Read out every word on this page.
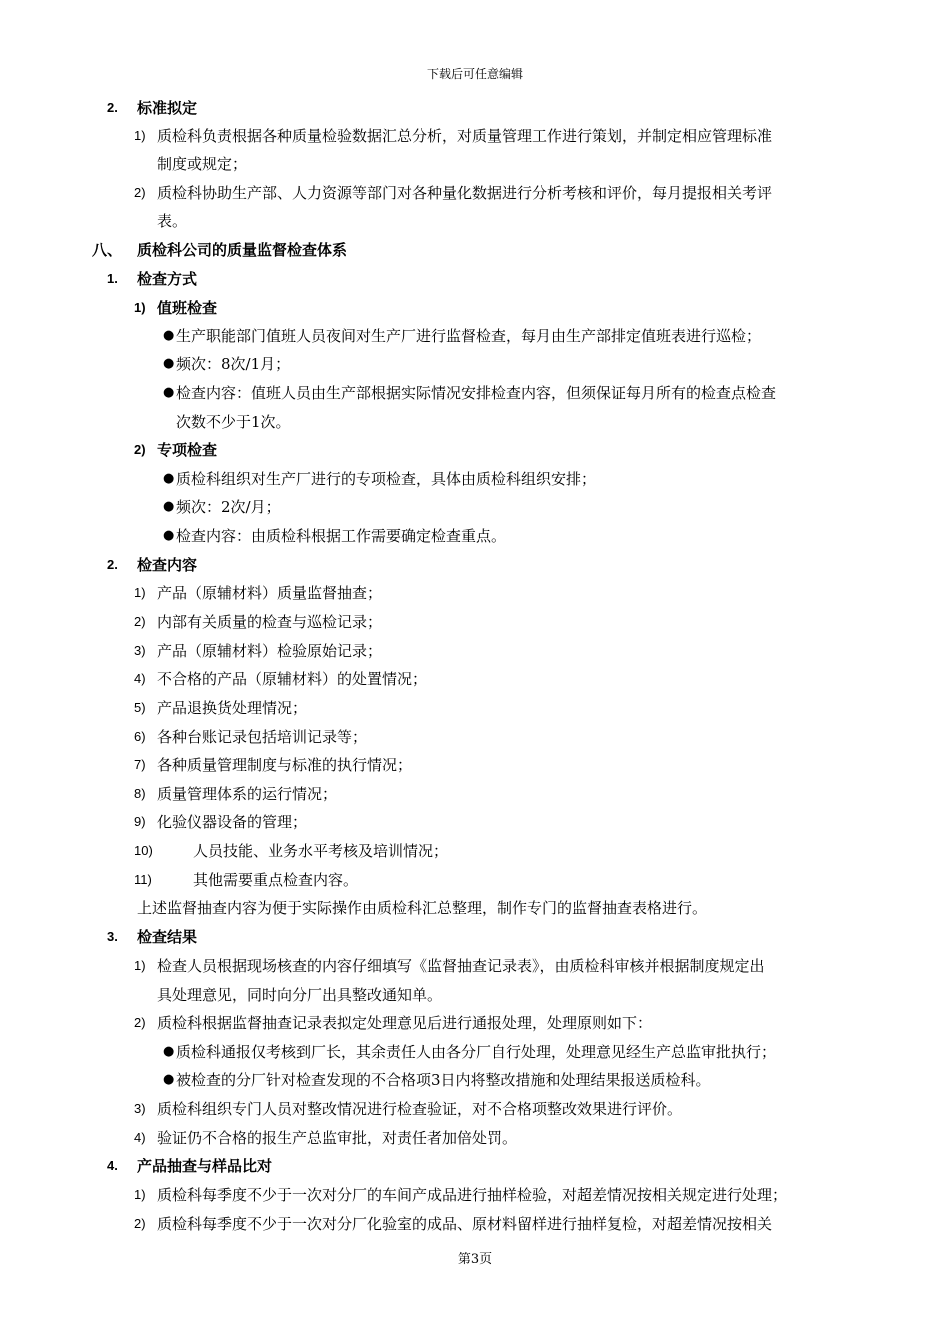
下载后可任意编辑
2. 标准拟定
1) 质检科负责根据各种质量检验数据汇总分析，对质量管理工作进行策划，并制定相应管理标准
制度或规定；
2) 质检科协助生产部、人力资源等部门对各种量化数据进行分析考核和评价，每月提报相关考评
表。
八、 质检科公司的质量监督检查体系
1. 检查方式
1) 值班检查
● 生产职能部门值班人员夜间对生产厂进行监督检查，每月由生产部排定值班表进行巡检；
● 频次：8次/1月；
● 检查内容：值班人员由生产部根据实际情况安排检查内容，但须保证每月所有的检查点检查
次数不少于1次。
2) 专项检查
● 质检科组织对生产厂进行的专项检查，具体由质检科组织安排；
● 频次：2次/月；
● 检查内容：由质检科根据工作需要确定检查重点。
2. 检查内容
1) 产品（原辅材料）质量监督抽查；
2) 内部有关质量的检查与巡检记录；
3) 产品（原辅材料）检验原始记录；
4) 不合格的产品（原辅材料）的处置情况；
5) 产品退换货处理情况；
6) 各种台账记录包括培训记录等；
7) 各种质量管理制度与标准的执行情况；
8) 质量管理体系的运行情况；
9) 化验仪器设备的管理；
10)	人员技能、业务水平考核及培训情况；
11)	其他需要重点检查内容。
上述监督抽查内容为便于实际操作由质检科汇总整理，制作专门的监督抽查表格进行。
3. 检查结果
1) 检查人员根据现场核查的内容仔细填写《监督抽查记录表》，由质检科审核并根据制度规定出
具处理意见，同时向分厂出具整改通知单。
2) 质检科根据监督抽查记录表拟定处理意见后进行通报处理，处理原则如下：
● 质检科通报仅考核到厂长，其余责任人由各分厂自行处理，处理意见经生产总监审批执行；
● 被检查的分厂针对检查发现的不合格项3日内将整改措施和处理结果报送质检科。
3) 质检科组织专门人员对整改情况进行检查验证，对不合格项整改效果进行评价。
4) 验证仍不合格的报生产总监审批，对责任者加倍处罚。
4. 产品抽查与样品比对
1) 质检科每季度不少于一次对分厂的车间产成品进行抽样检验，对超差情况按相关规定进行处理；
2) 质检科每季度不少于一次对分厂化验室的成品、原材料留样进行抽样复检，对超差情况按相关
第3页
